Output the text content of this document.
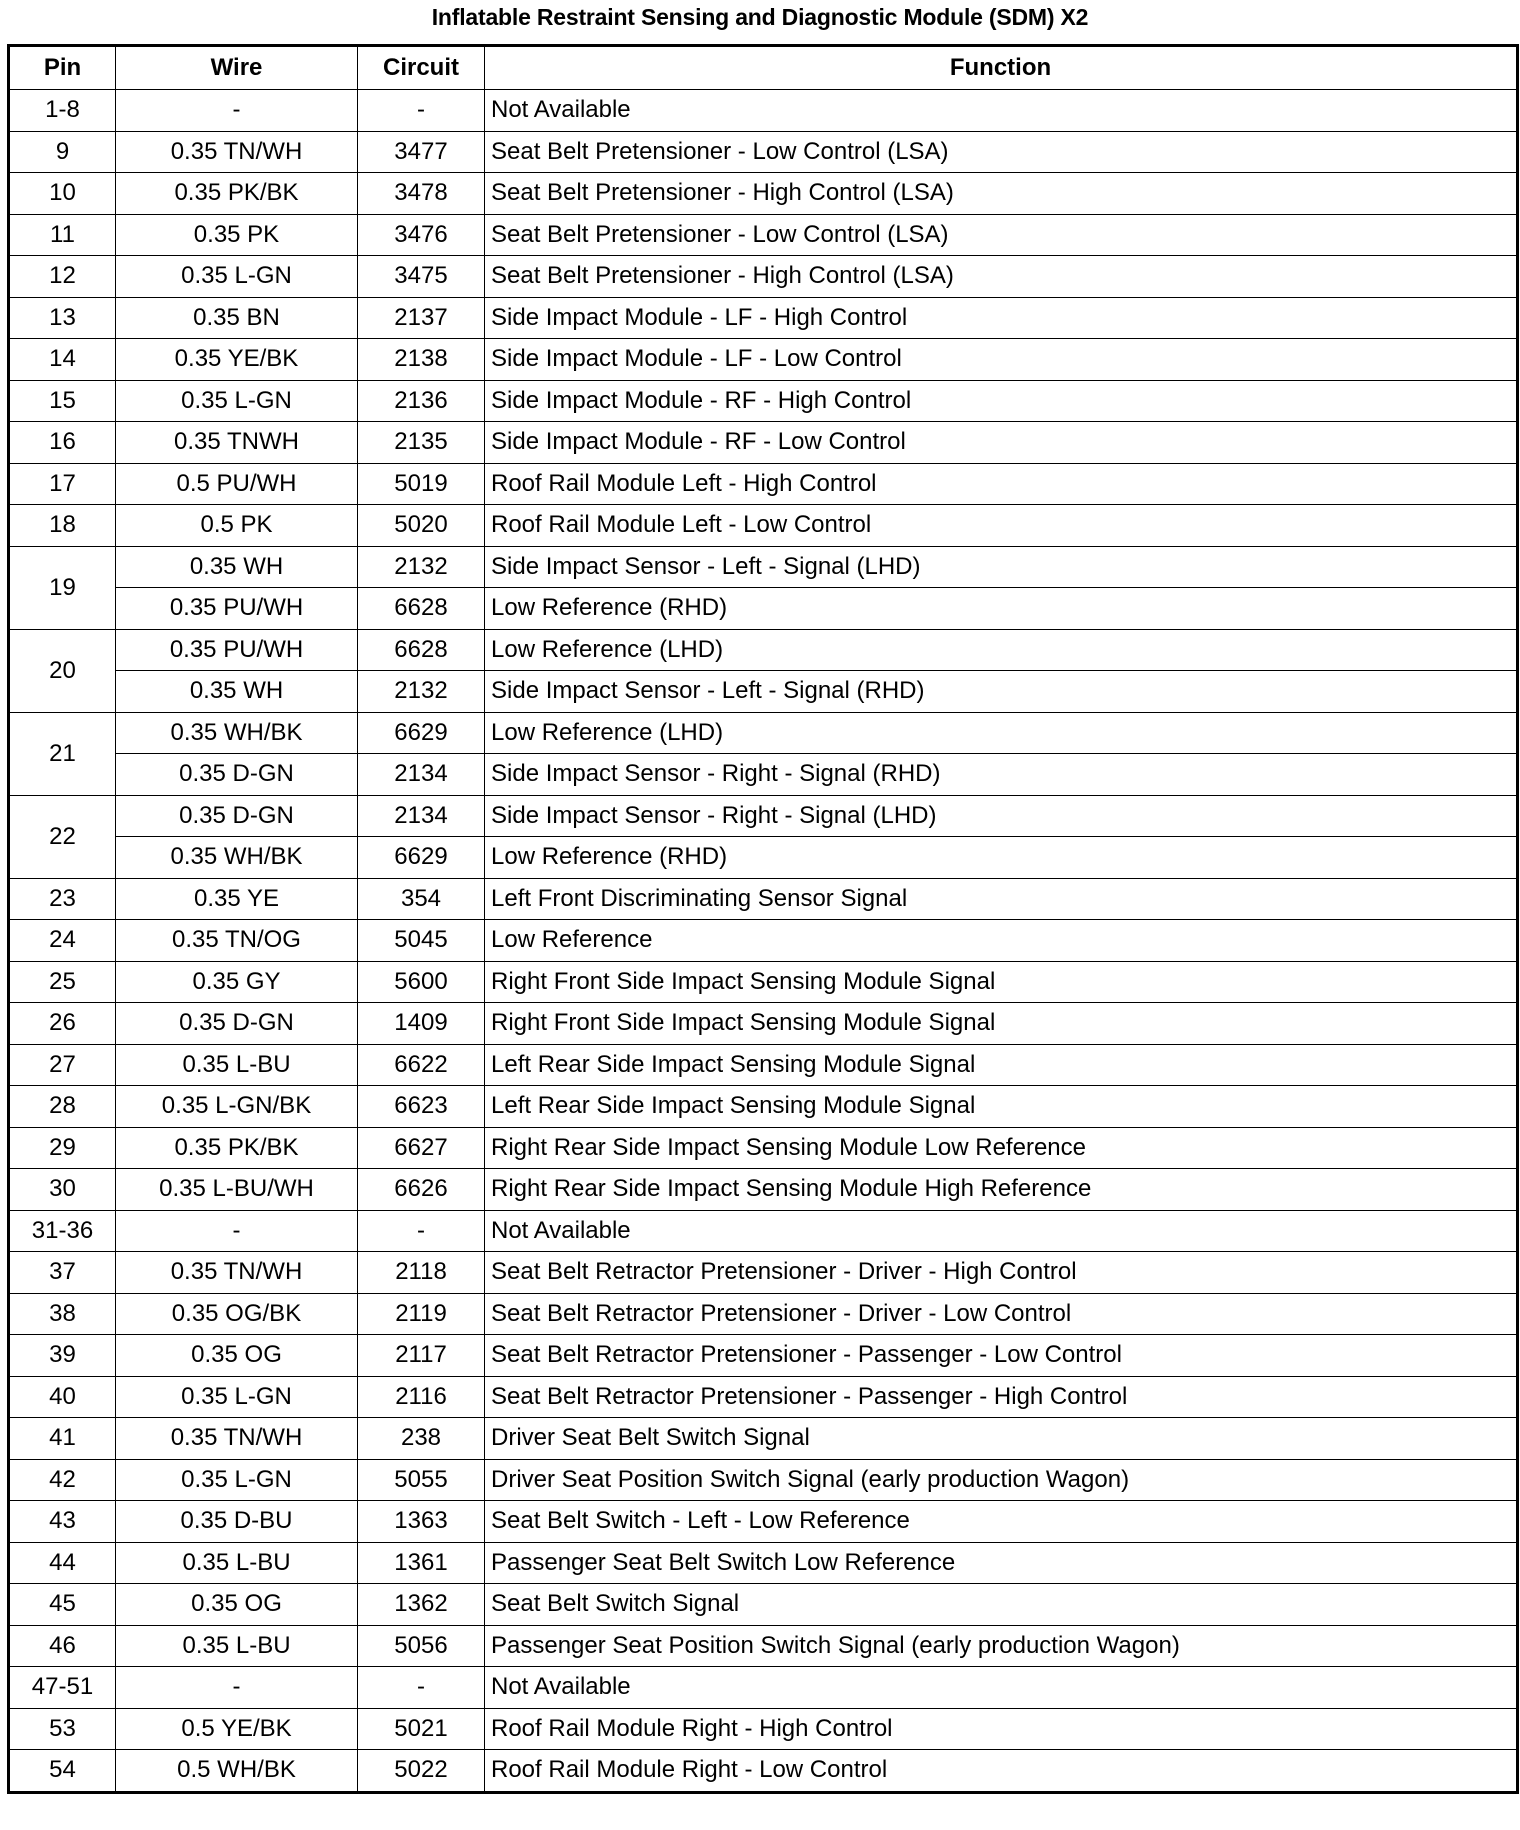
Inflatable Restraint Sensing and Diagnostic Module (SDM) X2
Pin	Wire	Circuit	Function
1-8	-	-	Not Available
9	0.35 TN/WH	3477	Seat Belt Pretensioner - Low Control (LSA)
10	0.35 PK/BK	3478	Seat Belt Pretensioner - High Control (LSA)
11	0.35 PK	3476	Seat Belt Pretensioner - Low Control (LSA)
12	0.35 L-GN	3475	Seat Belt Pretensioner - High Control (LSA)
13	0.35 BN	2137	Side Impact Module - LF - High Control
14	0.35 YE/BK	2138	Side Impact Module - LF - Low Control
15	0.35 L-GN	2136	Side Impact Module - RF - High Control
16	0.35 TNWH	2135	Side Impact Module - RF - Low Control
17	0.5 PU/WH	5019	Roof Rail Module Left - High Control
18	0.5 PK	5020	Roof Rail Module Left - Low Control
19	0.35 WH	2132	Side Impact Sensor - Left - Signal (LHD)
	0.35 PU/WH	6628	Low Reference (RHD)
20	0.35 PU/WH	6628	Low Reference (LHD)
	0.35 WH	2132	Side Impact Sensor - Left - Signal (RHD)
21	0.35 WH/BK	6629	Low Reference (LHD)
	0.35 D-GN	2134	Side Impact Sensor - Right - Signal (RHD)
22	0.35 D-GN	2134	Side Impact Sensor - Right - Signal (LHD)
	0.35 WH/BK	6629	Low Reference (RHD)
23	0.35 YE	354	Left Front Discriminating Sensor Signal
24	0.35 TN/OG	5045	Low Reference
25	0.35 GY	5600	Right Front Side Impact Sensing Module Signal
26	0.35 D-GN	1409	Right Front Side Impact Sensing Module Signal
27	0.35 L-BU	6622	Left Rear Side Impact Sensing Module Signal
28	0.35 L-GN/BK	6623	Left Rear Side Impact Sensing Module Signal
29	0.35 PK/BK	6627	Right Rear Side Impact Sensing Module Low Reference
30	0.35 L-BU/WH	6626	Right Rear Side Impact Sensing Module High Reference
31-36	-	-	Not Available
37	0.35 TN/WH	2118	Seat Belt Retractor Pretensioner - Driver - High Control
38	0.35 OG/BK	2119	Seat Belt Retractor Pretensioner - Driver - Low Control
39	0.35 OG	2117	Seat Belt Retractor Pretensioner - Passenger - Low Control
40	0.35 L-GN	2116	Seat Belt Retractor Pretensioner - Passenger - High Control
41	0.35 TN/WH	238	Driver Seat Belt Switch Signal
42	0.35 L-GN	5055	Driver Seat Position Switch Signal (early production Wagon)
43	0.35 D-BU	1363	Seat Belt Switch - Left - Low Reference
44	0.35 L-BU	1361	Passenger Seat Belt Switch Low Reference
45	0.35 OG	1362	Seat Belt Switch Signal
46	0.35 L-BU	5056	Passenger Seat Position Switch Signal (early production Wagon)
47-51	-	-	Not Available
53	0.5 YE/BK	5021	Roof Rail Module Right - High Control
54	0.5 WH/BK	5022	Roof Rail Module Right - Low Control
